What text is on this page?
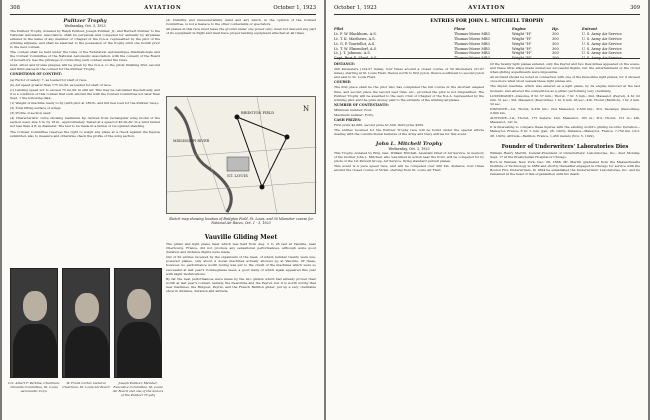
308	AVIATION	October 1, 1923
Pulitzer Trophy
Wednesday, Oct. 3, 1923

The Pulitzer Trophy, donated by Ralph Pulitzer, Joseph Pulitzer, Jr., and Herbert Pulitzer to the National Aeronautic Association, shall be perpetual and competed for annually by airplanes entered in the name of any member or Chapter of the N.A.A. represented by the pilot of the winning airplane, and shall be awarded to the possession of the trophy until one month prior to the next contest.

The contest shall be held under the rules of the Federation Aeronautique Internationale and the Contest Committee of the National Aeronautic Association, with the consent of the Board of Governors, has the privilege of conducting such contest under the rules.

Gold, silver and bronze plaques will be given by the N.A.A. to the pilots finishing first, second and third places in the contest for the Pulitzer Trophy.

CONDITIONS OF CONTEST:

(a) Factor of safety: 7, as loaded for start of race.

(b) Air speed greater than 175 mi./hr. as loaded for start of race.

(c) Landing speed not to exceed 75 mi./hr. in still air. This may be calculated theoretically, and it is a condition of this contest that such entrant file with the Contest Committee not later than Sept. 1 the following data:

(1) Weight of machine ready to fly (with pilot at 180 lb. and full fuel load for the Pulitzer race);

(2) Total lifting surface of wings;

(3) Profile of section used;

(4) Characteristic curve showing maximum Kp derived from rectangular wing model of the section used, size 3 in. by 18 in., approximately. Tested at a speed of 40 mi./hr. in a wind tunnel not less than 4 ft. in diameter. The test to be made in a tunnel of recognized standing.

The Contest Committee reserves the right to weigh any plane at a check against the figures submitted, also to measure and otherwise check the profile of the wing section.

(d) Visibility and maneuverability (land and air) which, in the opinion of the Contest Committee, is not a menace to the other contestants or spectators.

All planes in this race must leave the ground under one power only; must not descend any part of its equipment in flight and must have proper landing equipment attached at all times.

N
ST. LOUIS
MISSISSIPPI RIVER
BRIDGTON FIELD
Sketch map showing location of Bridgton Field, St. Louis, and 50 kilometer course for National Air Races, Oct. 1 - 3, 1923
Vauville Gliding Meet

The glider and light plane meet which was held from Aug. 5 to 26 last at Vauville, near Cherbourg, France, did not produce any sensational performances, although some good duration and distance flights were made.

Out of 50 entries received by the organizers of the meet, of which number twenty were low-powered planes, only about a dozen machines actually showed up at Vauville. Of these, however, no performance worth noting was put to the credit of the machines which were so successful at last year's Combegrasse meet, a good many of which again appeared this year with slight modifications.

By far the best performances were made by the two gliders which had already proved their worth at last year's contest, namely, the Dewoitine and the Peyret, but it is worth noting that new machines, the Bréguet, Peyret, and the French Barillon glider, put up a very creditable show in distance, duration and altitude.

Col. Albert F. Perkins, Chairman, Grounds Committee, St. Louis Aeronautic Corp.
W. Frank Carter, General Chairman, St. Louis Air Board
Joseph Pulitzer, Member, Executive Committee, St. Louis Air Board and one of the donors of the Pulitzer Trophy
October 1, 1923	AVIATION	309
ENTRIES FOR JOHN L. MITCHELL TROPHY
Pilot	Plane	Engine	Hp.	Entrant
Lt. F. W. Blackburn, A.S.	Thomas-Morse MB3	Wright "H"	300	U. S. Army Air Service
Lt. T. K. Matthews, A.S.	Thomas-Morse MB3	Wright "H"	300	U. S. Army Air Service
Lt. G. P. Tourtellot, A.S.	Thomas-Morse MB3	Wright "H"	300	U. S. Army Air Service
Lt. T. W. Elmendorf, A.S.	Thomas-Morse MB3	Wright "H"	300	U. S. Army Air Service
Lt. J. T. Johnson, A.S.	Thomas-Morse MB3	Wright "H"	300	U. S. Army Air Service

DISTANCE:

200 kilometers (124.27 miles), four times around a closed course of 50 kilometers (31.07 miles), starting at St. Louis Field, thence north to first pylon, thence southwest to second pylon and east to St. Louis Field.

COURSE:

The first place shall be the pilot who has completed the full course in the shortest elapsed time, and second place the second best time, etc., provided the pilot is not disqualified. The Pulitzer Trophy will be awarded to the Aero Club or Chapter of the N.A.A. represented by the winning pilot and the prize money paid to the entrants of the winning airplanes.

NUMBER OF CONTESTANTS:

Minimum number: Four.

Maximum number: Forty.

CASH PRIZES:

First prize $2,000, second prize $1,500, third prize $500.

The entries received for the Pulitzer Trophy race will be found under the special article dealing with the constructional features of the Army and Navy entries for this event.

John L. Mitchell Trophy
Wednesday, Oct. 3, 1923

This Trophy, donated by Brig. Gen. William Mitchell, Assistant Chief of Air Service, in memory of his brother John L. Mitchell, who was killed in action near the front, will be competed for by pilots of the 1st Pursuit Group, Air Service, flying standard pursuit planes.

This event is a pure speed race, and will be competed over 200 km. distance, four times around the closed course of 50 km. starting from St. Louis Air Field.

Of the twenty light planes entered, only the Peyret and two Dewoitines appeared on the scene, and these little ships made numerous successful flights, but the entertainment of the crowd when gliding experiments were impossible.

An incident should be noted in connection with one of the Dewoitine light planes, for it showed once more what stout vessels these light planes are.

The Peyret machine, which was entered as a light plane, by its engine removed at the last moment, and entered the competition as a glider, performing very creditably.

LOUISMANDT—Davoine, 8 hr. 57 min.; Thoret, 7 hr. 3 min.; 2nd, Massenot (Peyret), 4 hr. 22 min. 51 sec.; 3rd, Massenot (Dewoitine), 1 hr. 6 min. 26 sec.; 4th, Thoret (Barillon), 1 hr. 2 min. 52 sec.

DISTANCE—1st, Thoret, 9,250 km.; 2nd Massenot, 2,500 km.; 3rd, Decamps (Dewoitine), 2,000 km.

ALTITUDE—1st, Thoret, 175 meters; 2nd, Massenot, 165 m.; 3rd, Thoret, 151 m.; 4th, Massenot, 141 m.

It is interesting to compare these figures with the existing world's gliding records: Duration—Maneyrol, France, 8 hr. 5 min. (Jan. 28, 1923); Distance—Maneyrol, France, 7,750 km. (Oct. 28, 1923); Altitude—Barillon, France, 1,450 meters (Nov. 5, 1922).

Founder of Underwriters' Laboratories Dies

William Henry Merrill, founder-President of Underwriters' Laboratories, Inc., died Monday, Sept. 17 at the Presbyterian Hospital of Chicago.

Born in Warsaw, New York, Dec. 28, 1868, Mr. Merrill graduated from the Massachusetts Institute of Technology in 1889 and shortly thereafter engaged in Chicago for service with the Boston Fire Underwriters. In 1894 he established the Underwriters' Laboratories, Inc. and he remained at the head of this organization until his death.
